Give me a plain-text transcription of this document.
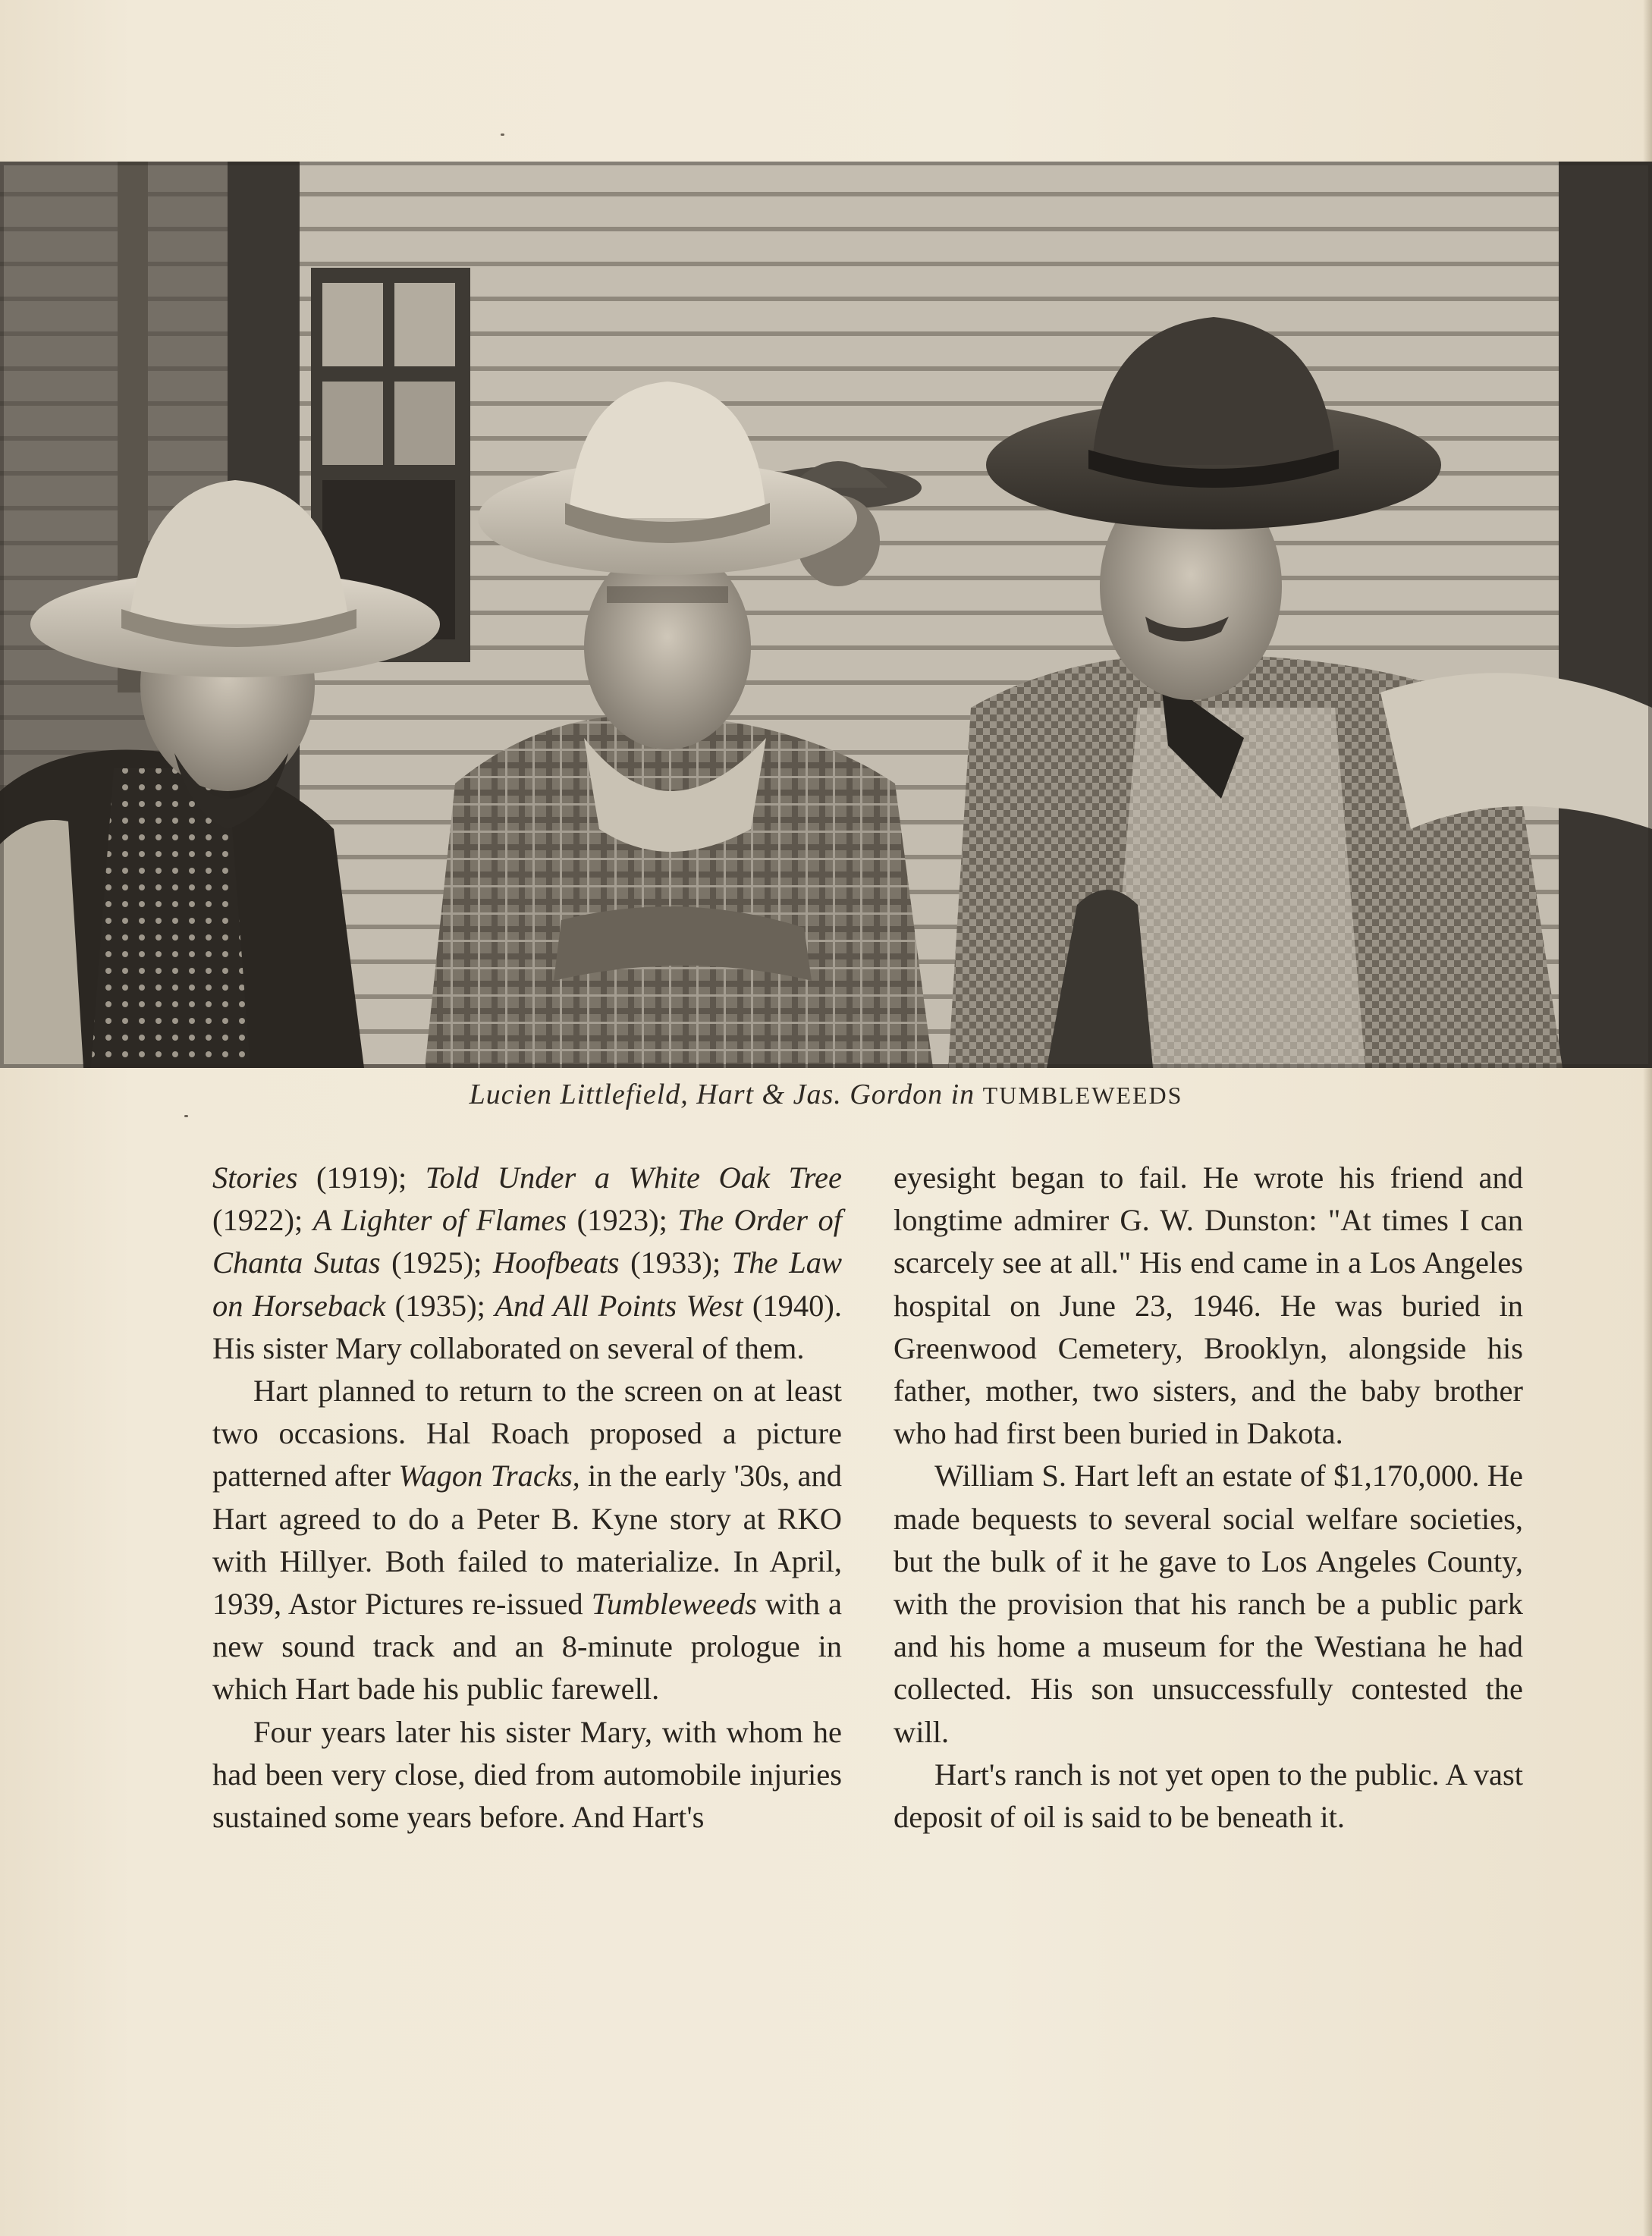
Lucien Littlefield, Hart & Jas. Gordon in TUMBLEWEEDS

Stories (1919); Told Under a White Oak Tree (1922); A Lighter of Flames (1923); The Order of Chanta Sutas (1925); Hoofbeats (1933); The Law on Horseback (1935); And All Points West (1940). His sister Mary collaborated on several of them.

Hart planned to return to the screen on at least two occasions. Hal Roach proposed a picture patterned after Wagon Tracks, in the early '30s, and Hart agreed to do a Peter B. Kyne story at RKO with Hillyer. Both failed to materialize. In April, 1939, Astor Pictures re-issued Tumbleweeds with a new sound track and an 8-minute prologue in which Hart bade his public farewell.

Four years later his sister Mary, with whom he had been very close, died from automobile injuries sustained some years before. And Hart's

eyesight began to fail. He wrote his friend and longtime admirer G. W. Dunston: "At times I can scarcely see at all." His end came in a Los Angeles hospital on June 23, 1946. He was buried in Greenwood Cemetery, Brooklyn, alongside his father, mother, two sisters, and the baby brother who had first been buried in Dakota.

William S. Hart left an estate of $1,170,000. He made bequests to several social welfare societies, but the bulk of it he gave to Los Angeles County, with the provision that his ranch be a public park and his home a museum for the Westiana he had collected. His son unsuccessfully contested the will.

Hart's ranch is not yet open to the public. A vast deposit of oil is said to be beneath it.
